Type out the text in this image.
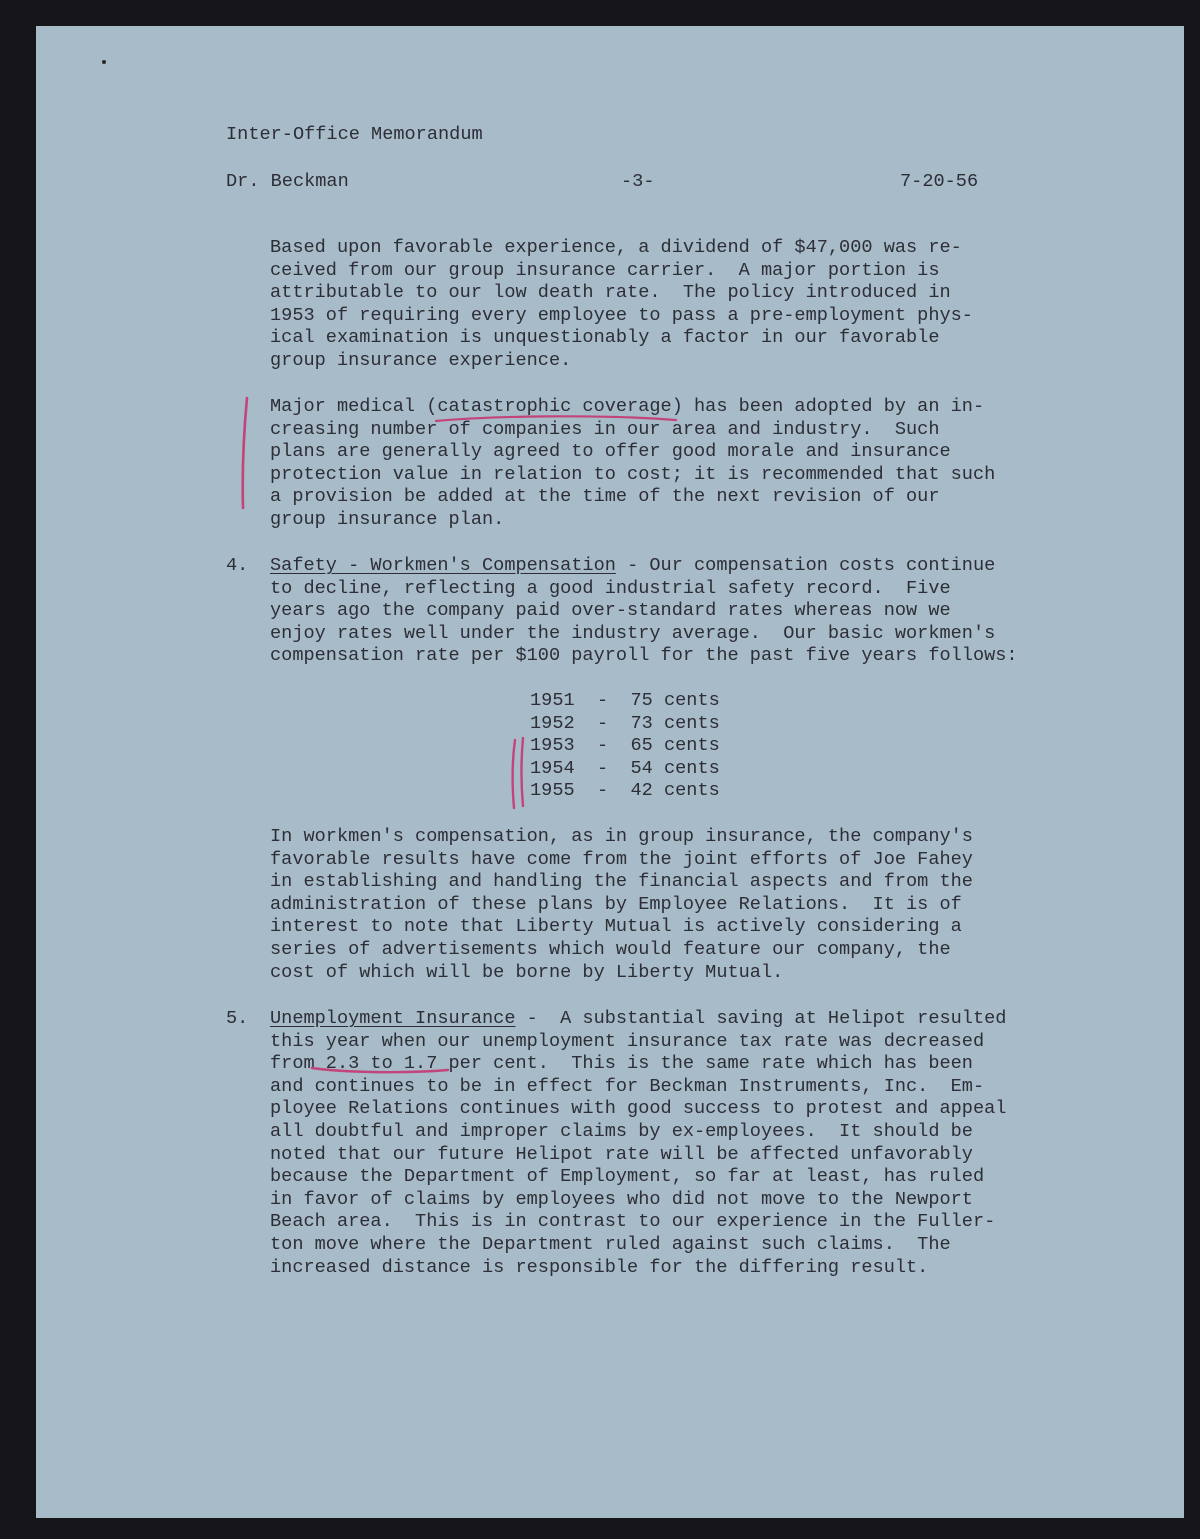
Inter-Office Memorandum
Dr. Beckman	-3-	7-20-56
Based upon favorable experience, a dividend of $47,000 was re-
ceived from our group insurance carrier.  A major portion is
attributable to our low death rate.  The policy introduced in
1953 of requiring every employee to pass a pre-employment phys-
ical examination is unquestionably a factor in our favorable
group insurance experience.
Major medical (catastrophic coverage) has been adopted by an in-
creasing number of companies in our area and industry.  Such
plans are generally agreed to offer good morale and insurance
protection value in relation to cost; it is recommended that such
a provision be added at the time of the next revision of our
group insurance plan.
4. Safety - Workmen's Compensation - Our compensation costs continue
to decline, reflecting a good industrial safety record.  Five
years ago the company paid over-standard rates whereas now we
enjoy rates well under the industry average.  Our basic workmen's
compensation rate per $100 payroll for the past five years follows:
1951 - 75 cents
1952 - 73 cents
1953 - 65 cents
1954 - 54 cents
1955 - 42 cents
In workmen's compensation, as in group insurance, the company's
favorable results have come from the joint efforts of Joe Fahey
in establishing and handling the financial aspects and from the
administration of these plans by Employee Relations.  It is of
interest to note that Liberty Mutual is actively considering a
series of advertisements which would feature our company, the
cost of which will be borne by Liberty Mutual.
5. Unemployment Insurance -  A substantial saving at Helipot resulted
this year when our unemployment insurance tax rate was decreased
from 2.3 to 1.7 per cent.  This is the same rate which has been
and continues to be in effect for Beckman Instruments, Inc.  Em-
ployee Relations continues with good success to protest and appeal
all doubtful and improper claims by ex-employees.  It should be
noted that our future Helipot rate will be affected unfavorably
because the Department of Employment, so far at least, has ruled
in favor of claims by employees who did not move to the Newport
Beach area.  This is in contrast to our experience in the Fuller-
ton move where the Department ruled against such claims.  The
increased distance is responsible for the differing result.
